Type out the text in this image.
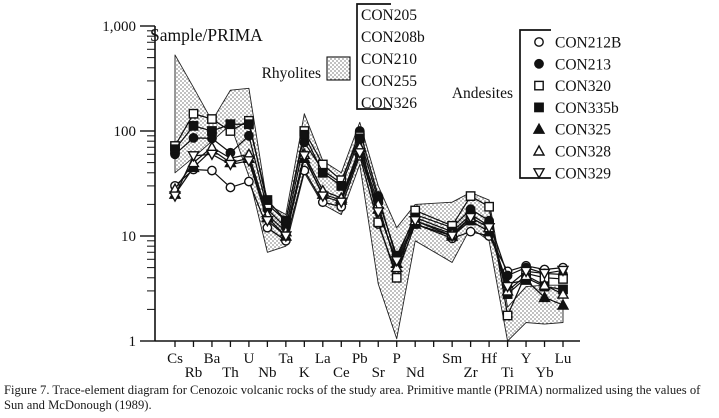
1,000
100
10
1
Cs
Rb
Ba
Th
U
Nb
Ta
K
La
Ce
Pb
Sr
P
Nd
Sm
Zr
Hf
Ti
Y
Yb
Lu
Sample/PRIMA
Rhyolites
CON205
CON208b
CON210
CON255
CON326
Andesites
CON212B
CON213
CON320
CON335b
CON325
CON328
CON329
Figure 7. Trace-element diagram for Cenozoic volcanic rocks of the study area. Primitive mantle (PRIMA) normalized using the values of Sun and McDonough (1989).
